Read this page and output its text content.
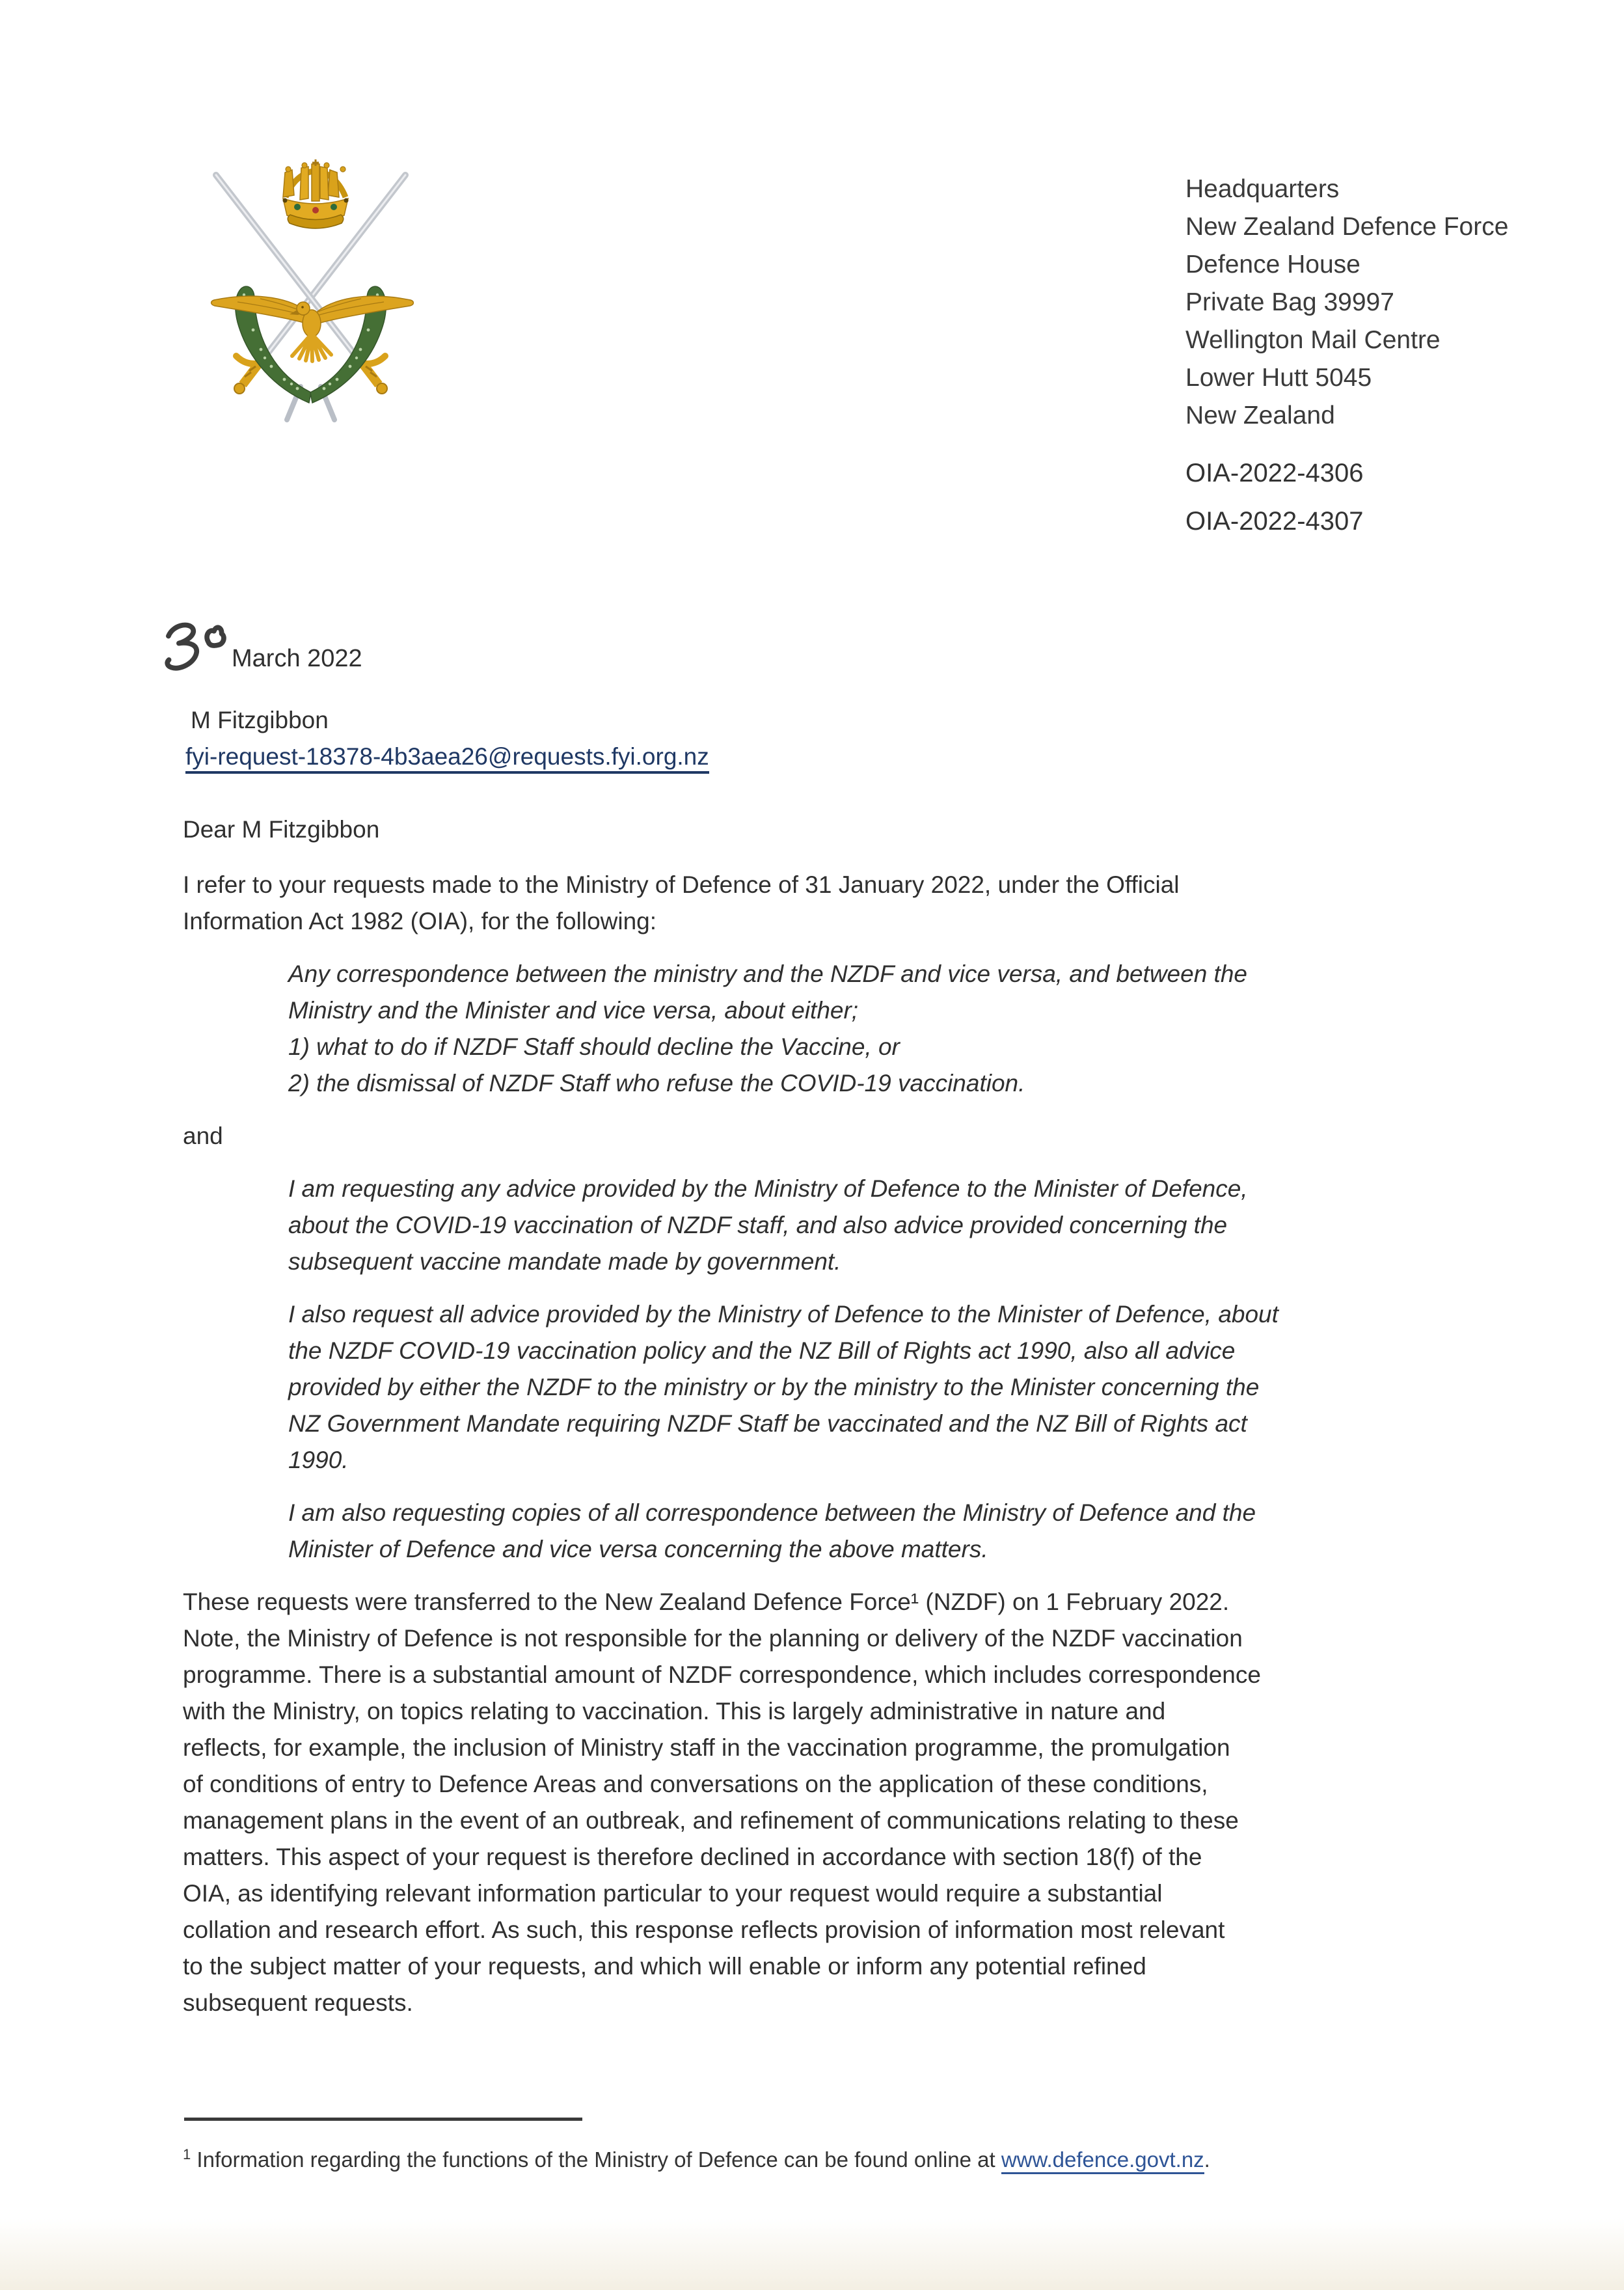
Headquarters
New Zealand Defence Force
Defence House
Private Bag 39997
Wellington Mail Centre
Lower Hutt 5045
New Zealand
OIA-2022-4306
OIA-2022-4307
March 2022
M Fitzgibbon
fyi-request-18378-4b3aea26@requests.fyi.org.nz
Dear M Fitzgibbon
I refer to your requests made to the Ministry of Defence of 31 January 2022, under the Official
Information Act 1982 (OIA), for the following:
Any correspondence between the ministry and the NZDF and vice versa, and between the
Ministry and the Minister and vice versa, about either;
1) what to do if NZDF Staff should decline the Vaccine, or
2) the dismissal of NZDF Staff who refuse the COVID-19 vaccination.
and
I am requesting any advice provided by the Ministry of Defence to the Minister of Defence,
about the COVID-19 vaccination of NZDF staff, and also advice provided concerning the
subsequent vaccine mandate made by government.
I also request all advice provided by the Ministry of Defence to the Minister of Defence, about
the NZDF COVID-19 vaccination policy and the NZ Bill of Rights act 1990, also all advice
provided by either the NZDF to the ministry or by the ministry to the Minister concerning the
NZ Government Mandate requiring NZDF Staff be vaccinated and the NZ Bill of Rights act
1990.
I am also requesting copies of all correspondence between the Ministry of Defence and the
Minister of Defence and vice versa concerning the above matters.
These requests were transferred to the New Zealand Defence Force¹ (NZDF) on 1 February 2022.
Note, the Ministry of Defence is not responsible for the planning or delivery of the NZDF vaccination
programme. There is a substantial amount of NZDF correspondence, which includes correspondence
with the Ministry, on topics relating to vaccination. This is largely administrative in nature and
reflects, for example, the inclusion of Ministry staff in the vaccination programme, the promulgation
of conditions of entry to Defence Areas and conversations on the application of these conditions,
management plans in the event of an outbreak, and refinement of communications relating to these
matters. This aspect of your request is therefore declined in accordance with section 18(f) of the
OIA, as identifying relevant information particular to your request would require a substantial
collation and research effort. As such, this response reflects provision of information most relevant
to the subject matter of your requests, and which will enable or inform any potential refined
subsequent requests.
$^1$ Information regarding the functions of the Ministry of Defence can be found online at www.defence.govt.nz.
